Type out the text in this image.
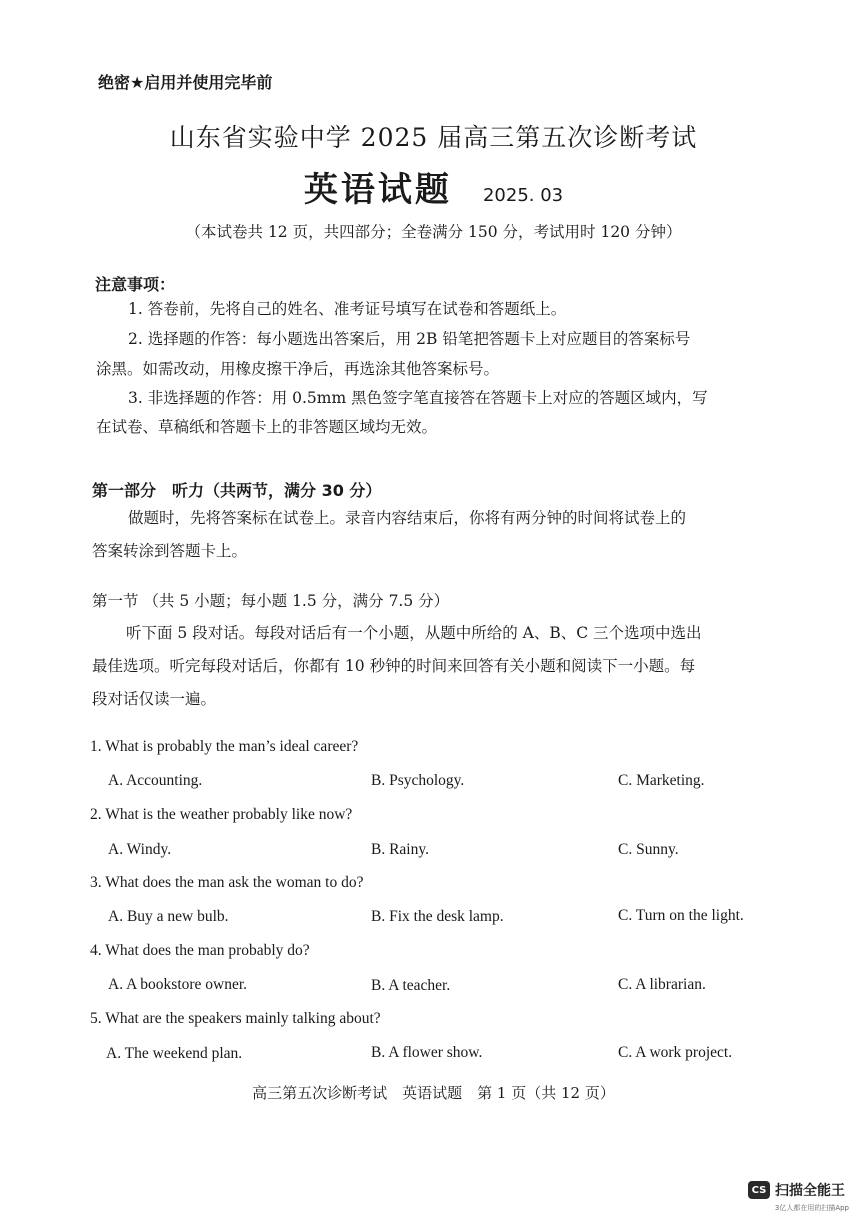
绝密★启用并使用完毕前
山东省实验中学 2025 届高三第五次诊断考试
英语试题 2025. 03
（本试卷共 12 页，共四部分；全卷满分 150 分，考试用时 120 分钟）
注意事项：
1. 答卷前，先将自己的姓名、准考证号填写在试卷和答题纸上。
2. 选择题的作答：每小题选出答案后，用 2B 铅笔把答题卡上对应题目的答案标号
涂黑。如需改动，用橡皮擦干净后，再选涂其他答案标号。
3. 非选择题的作答：用 0.5mm 黑色签字笔直接答在答题卡上对应的答题区域内，写
在试卷、草稿纸和答题卡上的非答题区域均无效。
第一部分　听力（共两节，满分 30 分）
做题时，先将答案标在试卷上。录音内容结束后，你将有两分钟的时间将试卷上的
答案转涂到答题卡上。
第一节 （共 5 小题；每小题 1.5 分，满分 7.5 分）
听下面 5 段对话。每段对话后有一个小题，从题中所给的 A、B、C 三个选项中选出
最佳选项。听完每段对话后，你都有 10 秒钟的时间来回答有关小题和阅读下一小题。每
段对话仅读一遍。
1. What is probably the man’s ideal career?
A. Accounting.	B. Psychology.	C. Marketing.
2. What is the weather probably like now?
A. Windy.	B. Rainy.	C. Sunny.
3. What does the man ask the woman to do?
A. Buy a new bulb.	B. Fix the desk lamp.	C. Turn on the light.
4. What does the man probably do?
A. A bookstore owner.	B. A teacher.	C. A librarian.
5. What are the speakers mainly talking about?
A. The weekend plan.	B. A flower show.	C. A work project.
高三第五次诊断考试　英语试题　第 1 页（共 12 页）
CS 扫描全能王
3亿人都在用的扫描App
